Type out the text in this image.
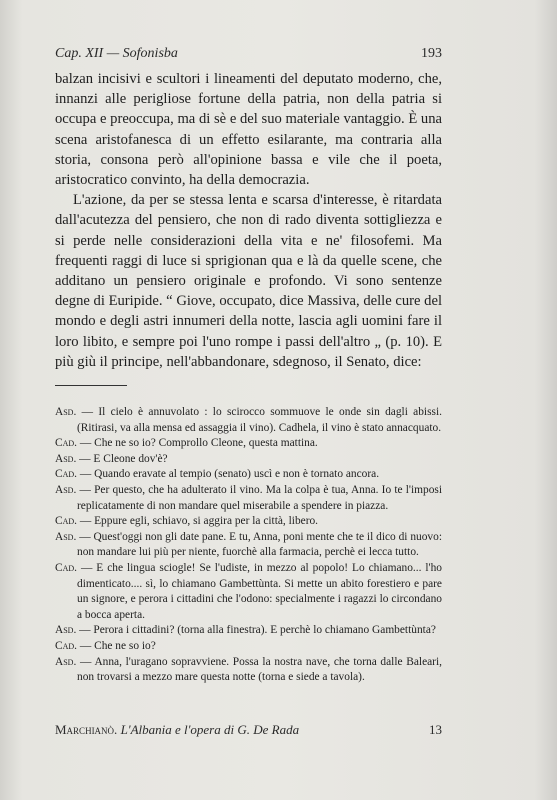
Cap. XII — Sofonisba	193

balzan incisivi e scultori i lineamenti del deputato moderno, che, innanzi alle perigliose fortune della patria, non della patria si occupa e preoccupa, ma di sè e del suo materiale vantaggio. È una scena aristofanesca di un effetto esilarante, ma contraria alla storia, consona però all'opinione bassa e vile che il poeta, aristocratico convinto, ha della democrazia.

L'azione, da per se stessa lenta e scarsa d'interesse, è ritardata dall'acutezza del pensiero, che non di rado diventa sottigliezza e si perde nelle considerazioni della vita e ne' filosofemi. Ma frequenti raggi di luce si sprigionan qua e là da quelle scene, che additano un pensiero originale e profondo. Vi sono sentenze degne di Euripide. “ Giove, occupato, dice Massiva, delle cure del mondo e degli astri innumeri della notte, lascia agli uomini fare il loro libito, e sempre poi l'uno rompe i passi dell'altro „ (p. 10). E più giù il principe, nell'abbandonare, sdegnoso, il Senato, dice:

Asd. — Il cielo è annuvolato : lo scirocco sommuove le onde sin dagli abissi. (Ritirasi, va alla mensa ed assaggia il vino). Cadhela, il vino è stato annacquato.

Cad. — Che ne so io? Comprollo Cleone, questa mattina.

Asd. — E Cleone dov'è?

Cad. — Quando eravate al tempio (senato) uscì e non è tornato ancora.

Asd. — Per questo, che ha adulterato il vino. Ma la colpa è tua, Anna. Io te l'imposi replicatamente di non mandare quel miserabile a spendere in piazza.

Cad. — Eppure egli, schiavo, si aggira per la città, libero.

Asd. — Quest'oggi non gli date pane. E tu, Anna, poni mente che te il dico di nuovo: non mandare lui più per niente, fuorchè alla farmacia, perchè ei lecca tutto.

Cad. — E che lingua sciogle! Se l'udiste, in mezzo al popolo! Lo chiamano... l'ho dimenticato.... sì, lo chiamano Gambettùnta. Si mette un abito forestiero e pare un signore, e perora i cittadini che l'odono: specialmente i ragazzi lo circondano a bocca aperta.

Asd. — Perora i cittadini? (torna alla finestra). E perchè lo chiamano Gambettùnta?

Cad. — Che ne so io?

Asd. — Anna, l'uragano sopravviene. Possa la nostra nave, che torna dalle Baleari, non trovarsi a mezzo mare questa notte (torna e siede a tavola).

Marchianò. L'Albania e l'opera di G. De Rada	13
